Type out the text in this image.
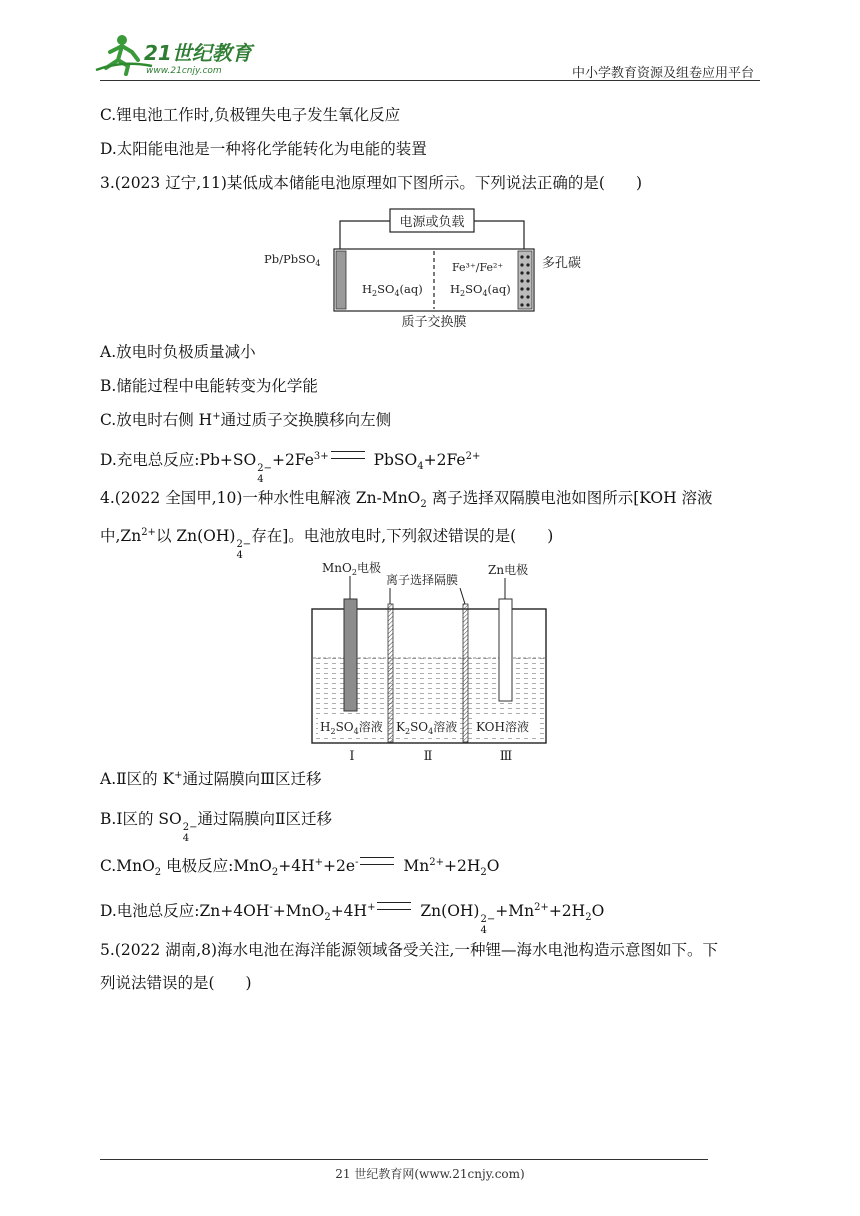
21世纪教育
www.21cnjy.com	中小学教育资源及组卷应用平台
C.锂电池工作时,负极锂失电子发生氧化反应
D.太阳能电池是一种将化学能转化为电能的装置
3.(2023 辽宁,11)某低成本储能电池原理如下图所示。下列说法正确的是(　　)
电源或负载
Pb/PbSO$_4$
$H_2SO_4(aq)$
Fe³⁺/Fe²⁺
$H_2SO_4(aq)$
多孔碳
质子交换膜
A.放电时负极质量减小
B.储能过程中电能转变为化学能
C.放电时右侧 H+通过质子交换膜移向左侧
D.充电总反应:Pb+SO 2−
4
$+2Fe^{3+}$	$PbSO_4+2Fe^{2+}$
4.(2022 全国甲,10)一种水性电解液 Zn-MnO$_2$ 离子选择双隔膜电池如图所示[KOH 溶液
中$,Zn^{2+}$以 Zn(OH) 2−
4
存在]。电池放电时,下列叙述错误的是(　　)
MnO$_2$电极
离子选择隔膜
Zn电极
$H_2SO_4$溶液 $K_2SO_4$溶液 KOH溶液
Ⅰ	Ⅱ	Ⅲ
A.Ⅱ区的 K+通过隔膜向Ⅲ区迁移
B.Ⅰ区的 SO 2−
4
通过隔膜向Ⅱ区迁移
C.MnO$_2$ 电极反应:MnO$_2$+4H++2e-	$Mn^{2+}+2H_2O$
D.电池总反应:Zn+4OH-+MnO$_2$+4H+	Zn(OH) 2−
4
$+Mn^{2+}+2H_2O$
5.(2022 湖南,8)海水电池在海洋能源领域备受关注,一种锂—海水电池构造示意图如下。下
列说法错误的是(　　)
21 世纪教育网(www.21cnjy.com)
